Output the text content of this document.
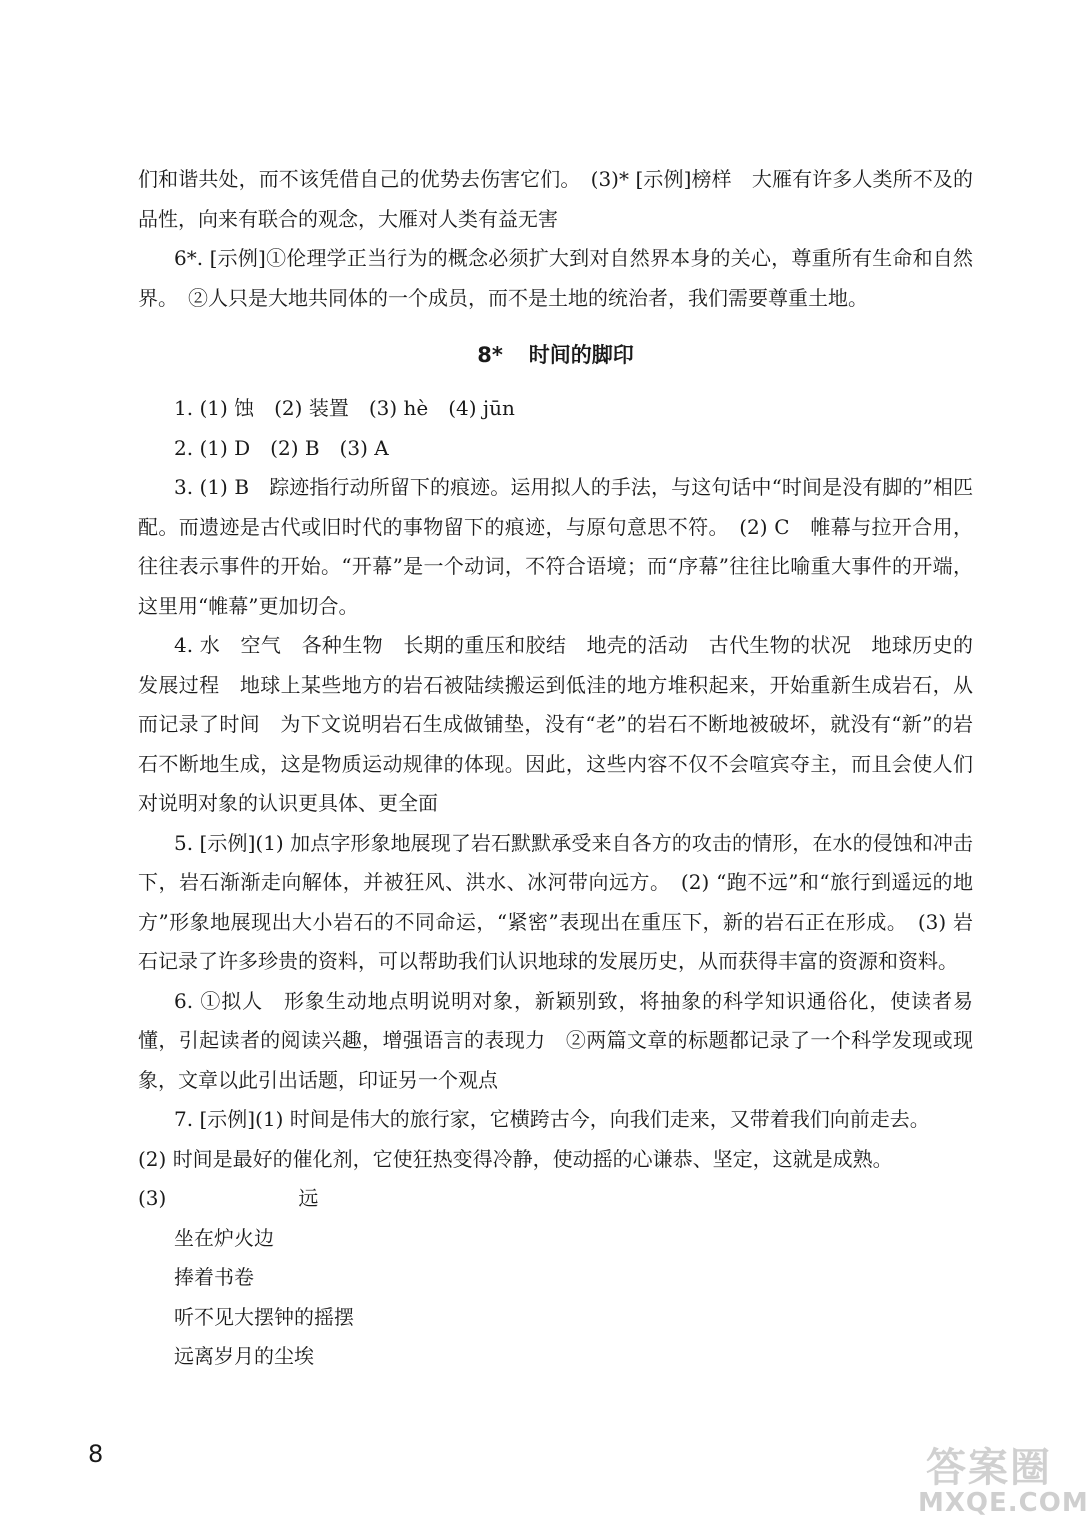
们和谐共处，而不该凭借自己的优势去伤害它们。　(3)* [示例]榜样　大雁有许多人类所不及的品性，向来有联合的观念，大雁对人类有益无害

6*. [示例]①伦理学正当行为的概念必须扩大到对自然界本身的关心，尊重所有生命和自然界。　②人只是大地共同体的一个成员，而不是土地的统治者，我们需要尊重土地。

8* 时间的脚印

1. (1) 蚀　(2) 装置　(3) hè　(4) jūn

2. (1) D　(2) B　(3) A

3. (1) B　踪迹指行动所留下的痕迹。运用拟人的手法，与这句话中“时间是没有脚的”相匹配。而遗迹是古代或旧时代的事物留下的痕迹，与原句意思不符。　(2) C　帷幕与拉开合用，往往表示事件的开始。“开幕”是一个动词，不符合语境；而“序幕”往往比喻重大事件的开端，这里用“帷幕”更加切合。

4. 水　空气　各种生物　长期的重压和胶结　地壳的活动　古代生物的状况　地球历史的发展过程　地球上某些地方的岩石被陆续搬运到低洼的地方堆积起来，开始重新生成岩石，从而记录了时间　为下文说明岩石生成做铺垫，没有“老”的岩石不断地被破坏，就没有“新”的岩石不断地生成，这是物质运动规律的体现。因此，这些内容不仅不会喧宾夺主，而且会使人们对说明对象的认识更具体、更全面

5. [示例](1) 加点字形象地展现了岩石默默承受来自各方的攻击的情形，在水的侵蚀和冲击下，岩石渐渐走向解体，并被狂风、洪水、冰河带向远方。　(2) “跑不远”和“旅行到遥远的地方”形象地展现出大小岩石的不同命运，“紧密”表现出在重压下，新的岩石正在形成。　(3) 岩石记录了许多珍贵的资料，可以帮助我们认识地球的发展历史，从而获得丰富的资源和资料。

6. ①拟人　形象生动地点明说明对象，新颖别致，将抽象的科学知识通俗化，使读者易懂，引起读者的阅读兴趣，增强语言的表现力　②两篇文章的标题都记录了一个科学发现或现象，文章以此引出话题，印证另一个观点

7. [示例](1) 时间是伟大的旅行家，它横跨古今，向我们走来，又带着我们向前走去。

(2) 时间是最好的催化剂，它使狂热变得冷静，使动摇的心谦恭、坚定，这就是成熟。

(3)	远

坐在炉火边

捧着书卷

听不见大摆钟的摇摆

远离岁月的尘埃

8	答案圈
MXQE.COM
